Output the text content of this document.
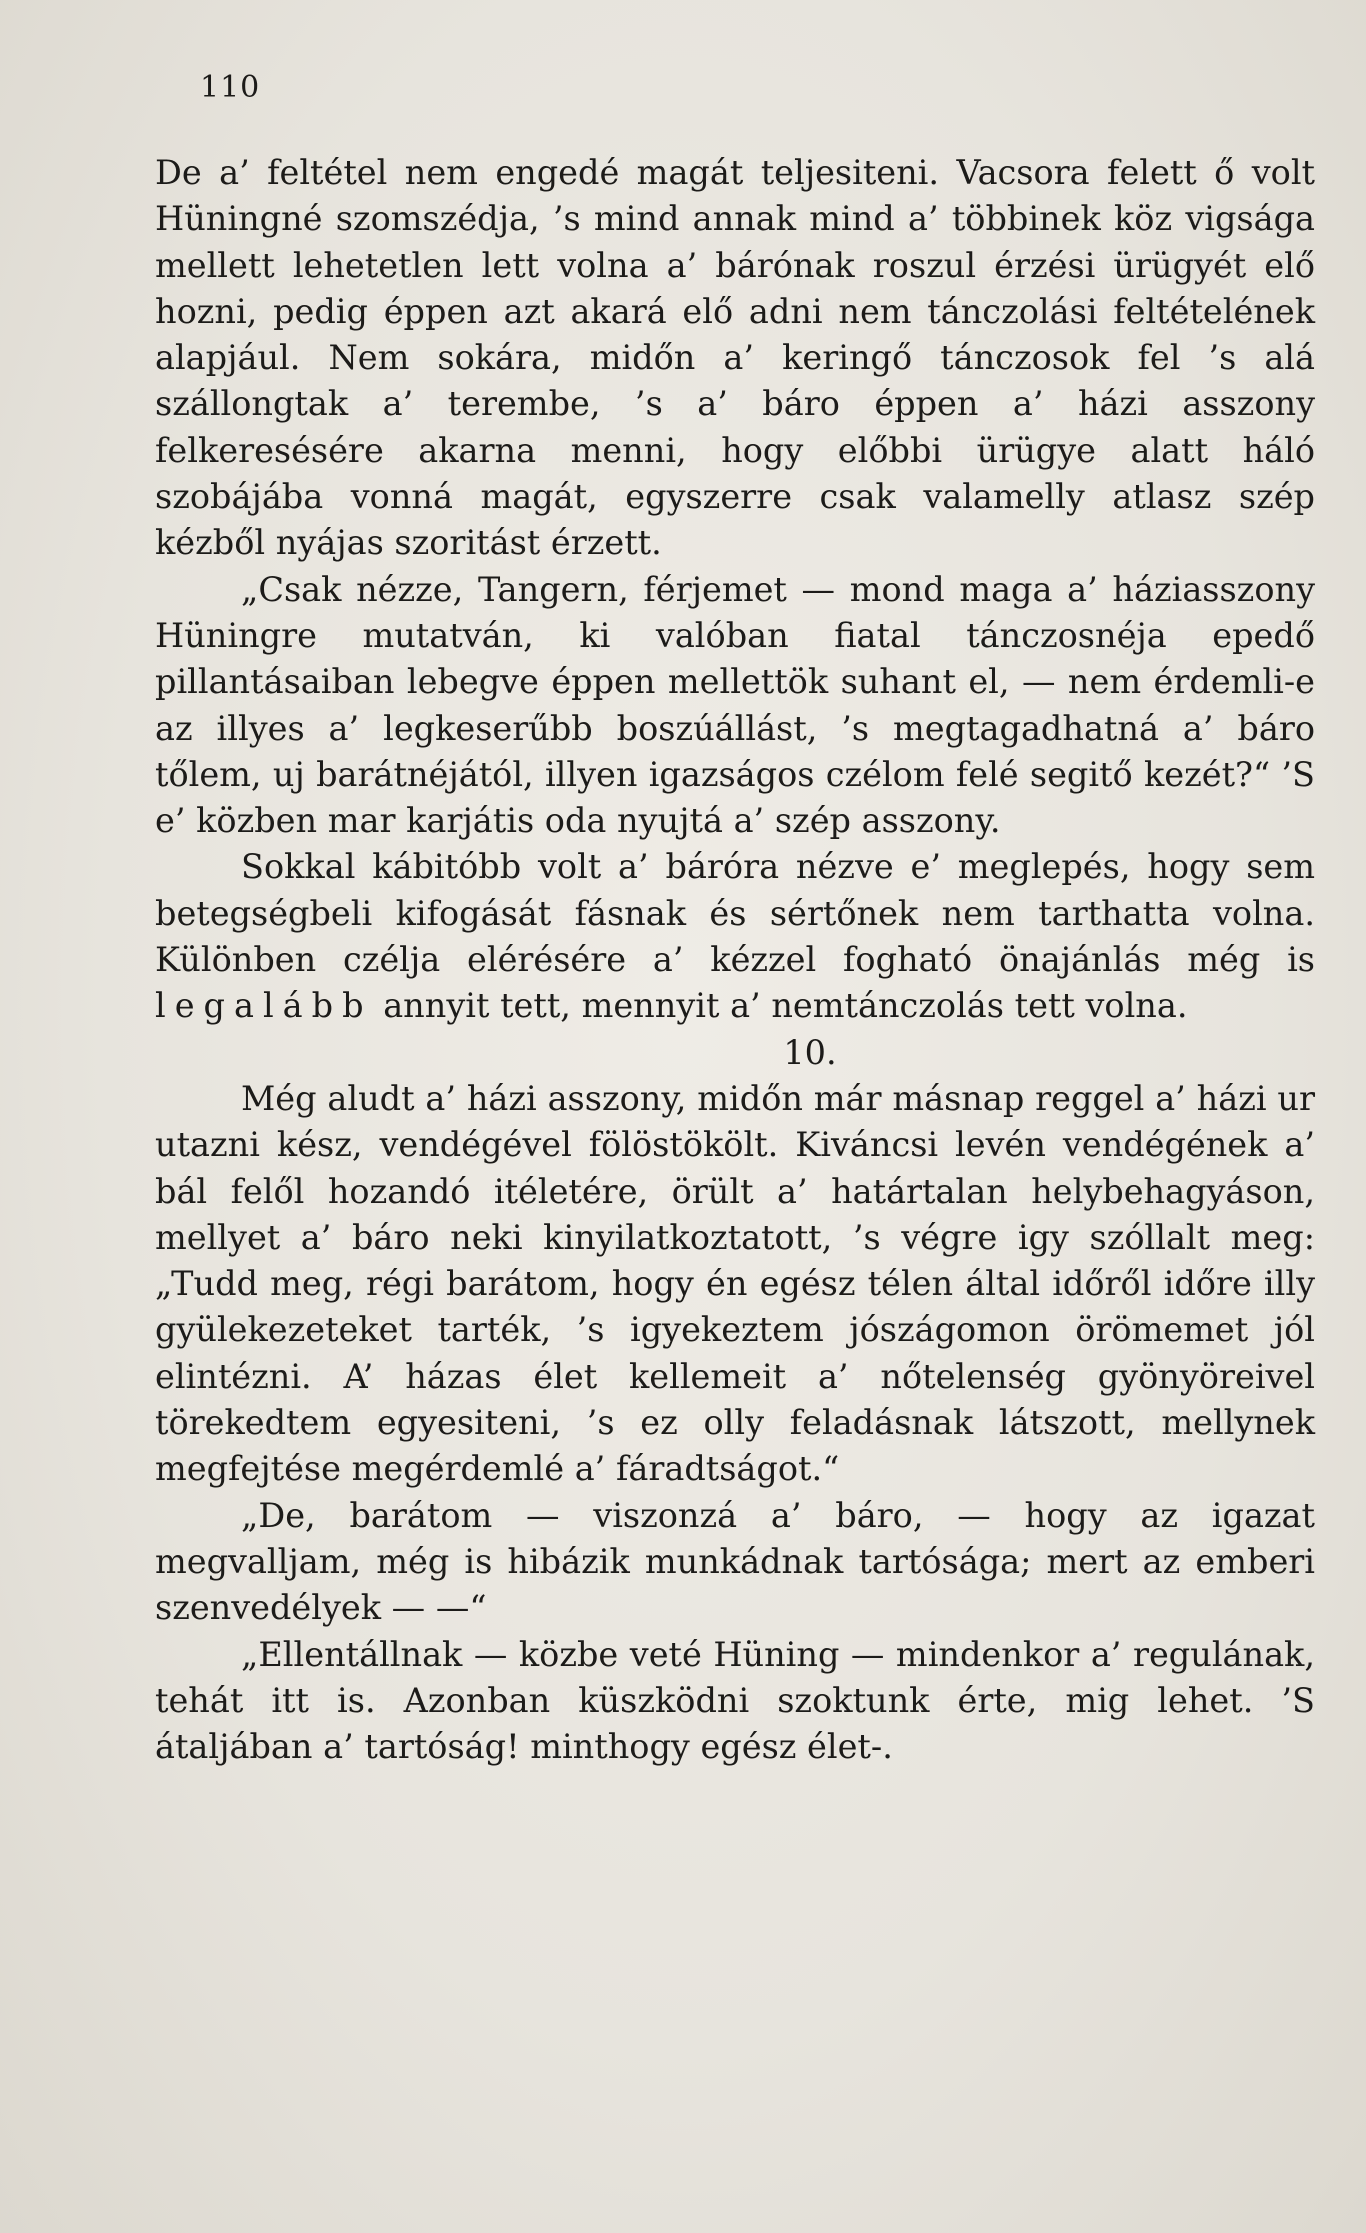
110

De a’ feltétel nem engedé magát teljesiteni. Vacsora felett ő volt Hüningné szomszédja, ’s mind annak mind a’ többinek köz vigsága mellett lehetetlen lett volna a’ bárónak roszul érzési ürügyét elő hozni, pedig éppen azt akará elő adni nem tánczolási feltételének alapjául. Nem sokára, midőn a’ keringő tánczosok fel ’s alá szállongtak a’ terembe, ’s a’ báro éppen a’ házi asszony felkeresésére akarna menni, hogy előbbi ürügye alatt háló szobájába vonná magát, egyszerre csak valamelly atlasz szép kézből nyájas szoritást érzett.

„Csak nézze, Tangern, férjemet — mond maga a’ háziasszony Hüningre mutatván, ki valóban fiatal tánczosnéja epedő pillantásaiban lebegve éppen mellettök suhant el, — nem érdemli-e az illyes a’ legkeserűbb boszúállást, ’s megtagadhatná a’ báro tőlem, uj barátnéjától, illyen igazságos czélom felé segitő kezét?“ ’S e’ közben mar karjátis oda nyujtá a’ szép asszony.

Sokkal kábitóbb volt a’ báróra nézve e’ meglepés, hogy sem betegségbeli kifogását fásnak és sértőnek nem tarthatta volna. Különben czélja elérésére a’ kézzel fogható önajánlás még is legalább annyit tett, mennyit a’ nemtánczolás tett volna.

10.

Még aludt a’ házi asszony, midőn már másnap reggel a’ házi ur utazni kész, vendégével fölöstökölt. Kiváncsi levén vendégének a’ bál felől hozandó itéletére, örült a’ határtalan helybehagyáson, mellyet a’ báro neki kinyilatkoztatott, ’s végre igy szóllalt meg: „Tudd meg, régi barátom, hogy én egész télen által időről időre illy gyülekezeteket tarték, ’s igyekeztem jószágomon örömemet jól elintézni. A’ házas élet kellemeit a’ nőtelenség gyönyöreivel törekedtem egyesiteni, ’s ez olly feladásnak látszott, mellynek megfejtése megérdemlé a’ fáradtságot.“

„De, barátom — viszonzá a’ báro, — hogy az igazat megvalljam, még is hibázik munkádnak tartósága; mert az emberi szenvedélyek — —“

„Ellentállnak — közbe veté Hüning — mindenkor a’ regulának, tehát itt is. Azonban küszködni szoktunk érte, mig lehet. ’S átaljában a’ tartóság! minthogy egész élet-.
